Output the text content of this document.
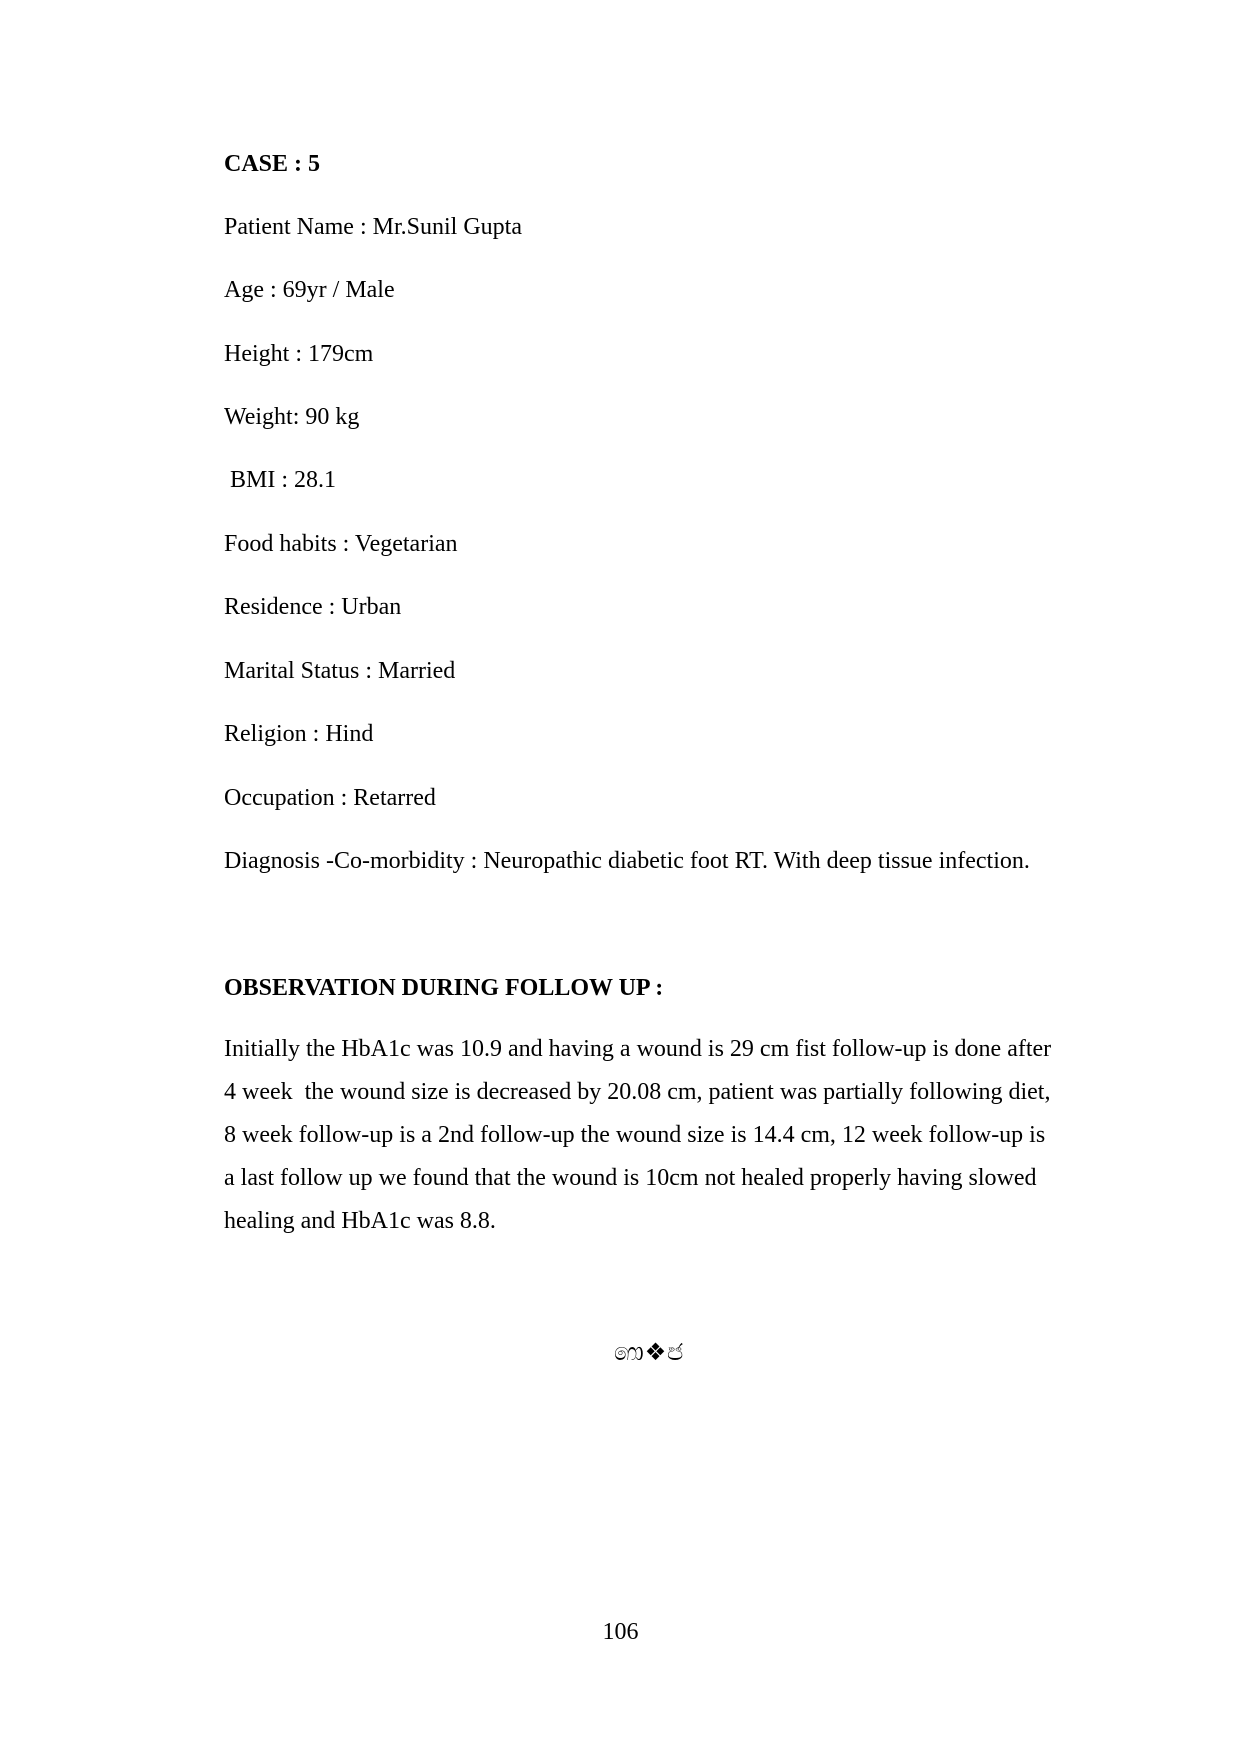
CASE : 5
Patient Name : Mr.Sunil Gupta
Age : 69yr / Male
Height : 179cm
Weight: 90 kg
BMI : 28.1
Food habits : Vegetarian
Residence : Urban
Marital Status : Married
Religion : Hind
Occupation : Retarred
Diagnosis -Co-morbidity : Neuropathic diabetic foot RT. With deep tissue infection.
OBSERVATION DURING FOLLOW UP :

Initially the HbA1c was 10.9 and having a wound is 29 cm fist follow-up is done after

4 week  the wound size is decreased by 20.08 cm, patient was partially following diet,

8 week follow-up is a 2nd follow-up the wound size is 14.4 cm, 12 week follow-up is

a last follow up we found that the wound is 10cm not healed properly having slowed

healing and HbA1c was 8.8.

෩❖෪
106
